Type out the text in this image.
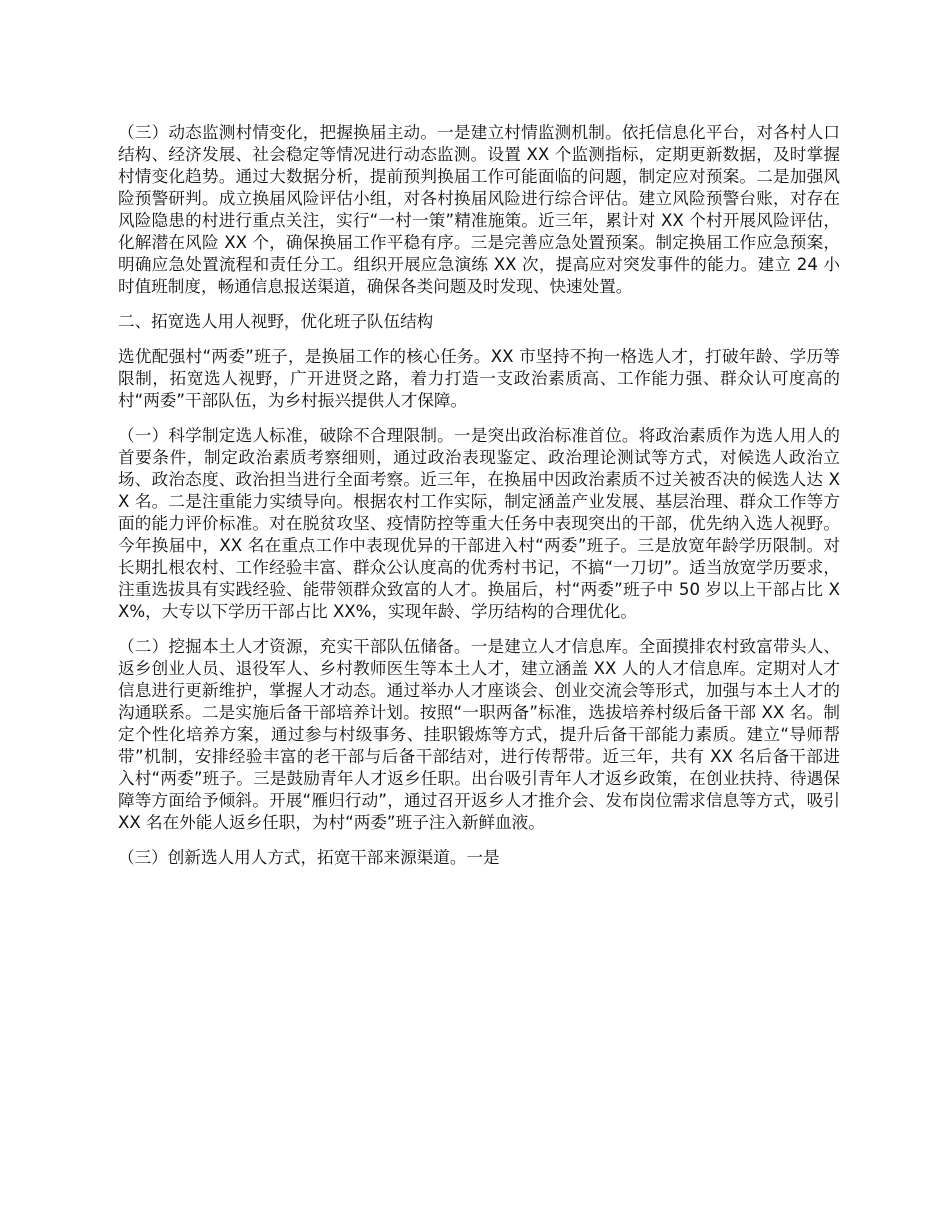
（三）动态监测村情变化，把握换届主动。一是建立村情监测机制。依托信息化平台，对各村人口结构、经济发展、社会稳定等情况进行动态监测。设置 XX 个监测指标，定期更新数据，及时掌握村情变化趋势。通过大数据分析，提前预判换届工作可能面临的问题，制定应对预案。二是加强风险预警研判。成立换届风险评估小组，对各村换届风险进行综合评估。建立风险预警台账，对存在风险隐患的村进行重点关注，实行“一村一策”精准施策。近三年，累计对 XX 个村开展风险评估，化解潜在风险 XX 个，确保换届工作平稳有序。三是完善应急处置预案。制定换届工作应急预案，明确应急处置流程和责任分工。组织开展应急演练 XX 次，提高应对突发事件的能力。建立 24 小时值班制度，畅通信息报送渠道，确保各类问题及时发现、快速处置。

二、拓宽选人用人视野，优化班子队伍结构

选优配强村“两委”班子，是换届工作的核心任务。XX 市坚持不拘一格选人才，打破年龄、学历等限制，拓宽选人视野，广开进贤之路，着力打造一支政治素质高、工作能力强、群众认可度高的村“两委”干部队伍，为乡村振兴提供人才保障。

（一）科学制定选人标准，破除不合理限制。一是突出政治标准首位。将政治素质作为选人用人的首要条件，制定政治素质考察细则，通过政治表现鉴定、政治理论测试等方式，对候选人政治立场、政治态度、政治担当进行全面考察。近三年，在换届中因政治素质不过关被否决的候选人达 XX 名。二是注重能力实绩导向。根据农村工作实际，制定涵盖产业发展、基层治理、群众工作等方面的能力评价标准。对在脱贫攻坚、疫情防控等重大任务中表现突出的干部，优先纳入选人视野。今年换届中，XX 名在重点工作中表现优异的干部进入村“两委”班子。三是放宽年龄学历限制。对长期扎根农村、工作经验丰富、群众公认度高的优秀村书记，不搞“一刀切”。适当放宽学历要求，注重选拔具有实践经验、能带领群众致富的人才。换届后，村“两委”班子中 50 岁以上干部占比 XX%，大专以下学历干部占比 XX%，实现年龄、学历结构的合理优化。

（二）挖掘本土人才资源，充实干部队伍储备。一是建立人才信息库。全面摸排农村致富带头人、返乡创业人员、退役军人、乡村教师医生等本土人才，建立涵盖 XX 人的人才信息库。定期对人才信息进行更新维护，掌握人才动态。通过举办人才座谈会、创业交流会等形式，加强与本土人才的沟通联系。二是实施后备干部培养计划。按照“一职两备”标准，选拔培养村级后备干部 XX 名。制定个性化培养方案，通过参与村级事务、挂职锻炼等方式，提升后备干部能力素质。建立“导师帮带”机制，安排经验丰富的老干部与后备干部结对，进行传帮带。近三年，共有 XX 名后备干部进入村“两委”班子。三是鼓励青年人才返乡任职。出台吸引青年人才返乡政策，在创业扶持、待遇保障等方面给予倾斜。开展“雁归行动”，通过召开返乡人才推介会、发布岗位需求信息等方式，吸引 XX 名在外能人返乡任职，为村“两委”班子注入新鲜血液。

（三）创新选人用人方式，拓宽干部来源渠道。一是
